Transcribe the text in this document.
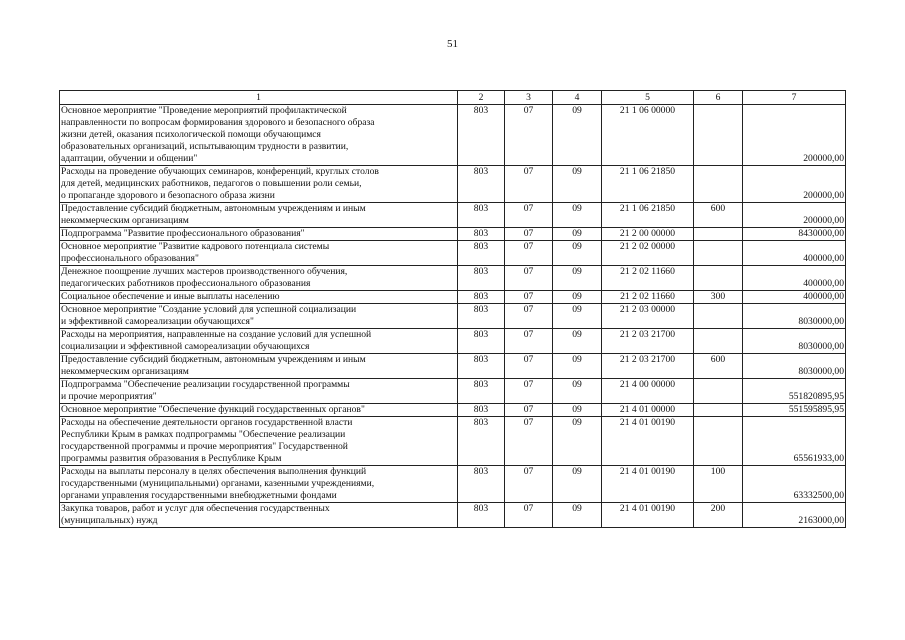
51
1	2	3	4	5	6	7
Основное мероприятие "Проведение мероприятий профилактической
направленности по вопросам формирования здорового и безопасного образа
жизни детей, оказания психологической помощи обучающимся
образовательных организаций, испытывающим трудности в развитии,
адаптации, обучении и общении"	803	07	09	21 1 06 00000		200000,00
Расходы на проведение обучающих семинаров, конференций, круглых столов
для детей, медицинских работников, педагогов о повышении роли семьи,
о пропаганде здорового и безопасного образа жизни	803	07	09	21 1 06 21850		200000,00
Предоставление субсидий бюджетным, автономным учреждениям и иным
некоммерческим организациям	803	07	09	21 1 06 21850	600	200000,00
Подпрограмма "Развитие профессионального образования"	803	07	09	21 2 00 00000		8430000,00
Основное мероприятие "Развитие кадрового потенциала системы
профессионального образования"	803	07	09	21 2 02 00000		400000,00
Денежное поощрение лучших мастеров производственного обучения,
педагогических работников профессионального образования	803	07	09	21 2 02 11660		400000,00
Социальное обеспечение и иные выплаты населению	803	07	09	21 2 02 11660	300	400000,00
Основное мероприятие "Создание условий для успешной социализации
и эффективной самореализации обучающихся"	803	07	09	21 2 03 00000		8030000,00
Расходы на мероприятия, направленные на создание условий для успешной
социализации и эффективной самореализации обучающихся	803	07	09	21 2 03 21700		8030000,00
Предоставление субсидий бюджетным, автономным учреждениям и иным
некоммерческим организациям	803	07	09	21 2 03 21700	600	8030000,00
Подпрограмма "Обеспечение реализации государственной программы
и прочие мероприятия"	803	07	09	21 4 00 00000		551820895,95
Основное мероприятие "Обеспечение функций государственных органов"	803	07	09	21 4 01 00000		551595895,95
Расходы на обеспечение деятельности органов государственной власти
Республики Крым в рамках подпрограммы "Обеспечение реализации
государственной программы и прочие мероприятия" Государственной
программы развития образования в Республике Крым	803	07	09	21 4 01 00190		65561933,00
Расходы на выплаты персоналу в целях обеспечения выполнения функций
государственными (муниципальными) органами, казенными учреждениями,
органами управления государственными внебюджетными фондами	803	07	09	21 4 01 00190	100	63332500,00
Закупка товаров, работ и услуг для обеспечения государственных
(муниципальных) нужд	803	07	09	21 4 01 00190	200	2163000,00
